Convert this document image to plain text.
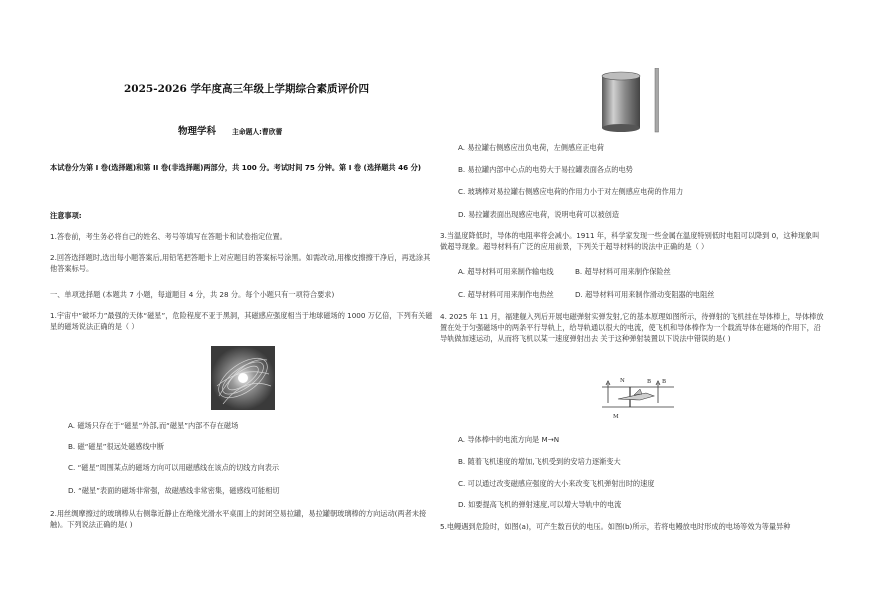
2025-2026 学年度高三年级上学期综合素质评价四
物理学科 主命题人:曹欣蕾
本试卷分为第 I 卷(选择题)和第 II 卷(非选择题)两部分，共 100 分。考试时间 75 分钟。第 I 卷 (选择题共 46 分)
注意事项:
1.答卷前，考生务必将自己的姓名、考号等填写在答题卡和试卷指定位置。
2.回答选择题时,选出每小题答案后,用铅笔把答题卡上对应题目的答案标号涂黑。如需改动,用橡皮擦擦干净后，再选涂其他答案标号。
一、单项选择题 (本题共 7 小题，每道题目 4 分，共 28 分。每个小题只有一项符合要求)
1.宇宙中“破坏力”最强的天体“磁星”，危险程度不亚于黑洞，其磁感应强度相当于地球磁场的 1000 万亿倍，下列有关磁星的磁场说法正确的是（ ）
A. 磁场只存在于“磁星”外部,而“磁星”内部不存在磁场
B. 磁“磁星”很远处磁感线中断
C. “磁星”周围某点的磁场方向可以用磁感线在该点的切线方向表示
D. “磁星”表面的磁场非常强，故磁感线非常密集，磁感线可能相切
2.用丝绸摩擦过的玻璃棒从右侧靠近静止在绝缘光滑水平桌面上的封闭空易拉罐，易拉罐朝玻璃棒的方向运动(两者未接触)。下列说法正确的是( )
A. 易拉罐右侧感应出负电荷，左侧感应正电荷
B. 易拉罐内部中心点的电势大于易拉罐表面各点的电势
C. 玻璃棒对易拉罐右侧感应电荷的作用力小于对左侧感应电荷的作用力
D. 易拉罐表面出现感应电荷，说明电荷可以被创造
3.当温度降低时，导体的电阻率将会减小。1911 年，科学家发现一些金属在温度特别低时电阻可以降到 0，这种现象叫做超导现象。超导材料有广泛的应用前景，下列关于超导材料的说法中正确的是（ ）
A. 超导材料可用来制作输电线	B. 超导材料可用来制作保险丝
C. 超导材料可用来制作电热丝	D. 超导材料可用来制作滑动变阻器的电阻丝
4. 2025 年 11 月，福建舰入列后开展电磁弹射实弹发射,它的基本原理如图所示，待弹射的飞机挂在导体棒上，导体棒放置在处于匀强磁场中的两条平行导轨上，给导轨通以很大的电流，使飞机和导体棒作为一个载流导体在磁场的作用下，沿导轨做加速运动，从而将飞机以某一速度弹射出去 关于这种弹射装置以下说法中错误的是( )
N	B B
M
A. 导体棒中的电流方向是 M→N
B. 随着飞机速度的增加,飞机受到的安培力逐渐变大
C. 可以通过改变磁感应强度的大小来改变飞机弹射出时的速度
D. 如要提高飞机的弹射速度,可以增大导轨中的电流
5.电鳗遇到危险时，如图(a)，可产生数百伏的电压。如图(b)所示，若将电鳗放电时形成的电场等效为等量异种
